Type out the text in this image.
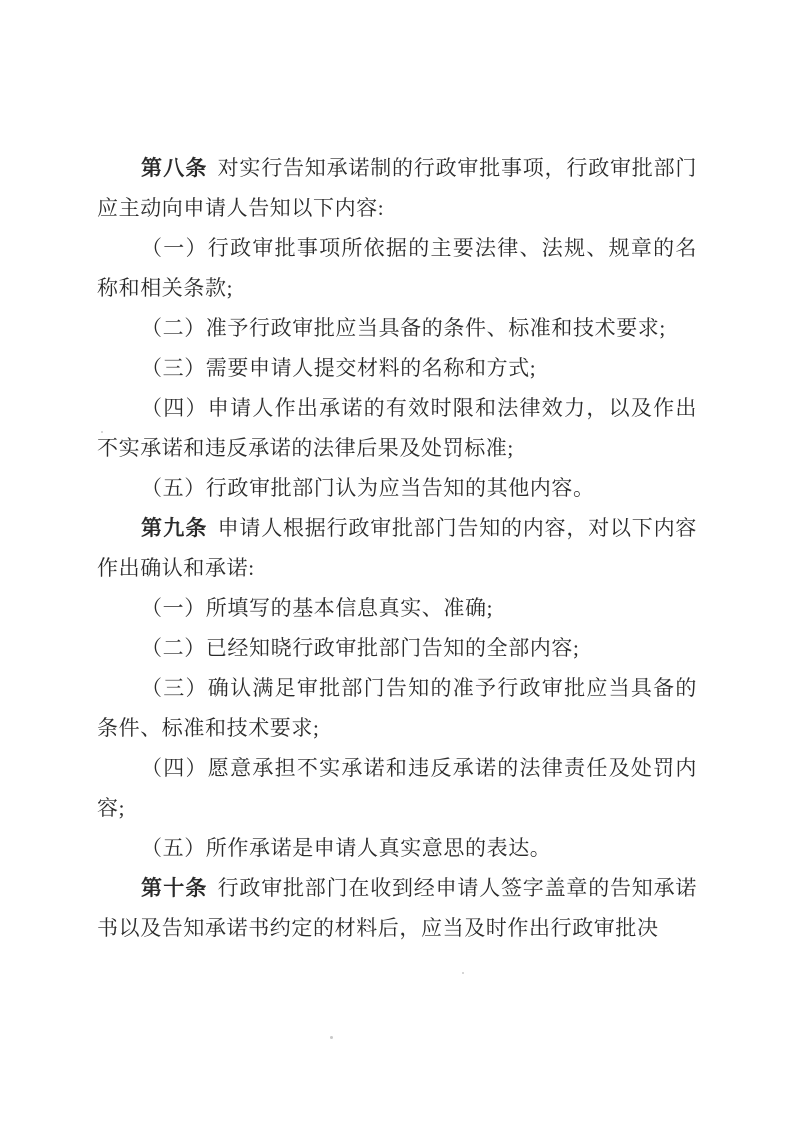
第八条 对实行告知承诺制的行政审批事项，行政审批部门应主动向申请人告知以下内容:

（一）行政审批事项所依据的主要法律、法规、规章的名称和相关条款;

（二）准予行政审批应当具备的条件、标准和技术要求;

（三）需要申请人提交材料的名称和方式;

（四）申请人作出承诺的有效时限和法律效力，以及作出不实承诺和违反承诺的法律后果及处罚标准;

（五）行政审批部门认为应当告知的其他内容。

第九条 申请人根据行政审批部门告知的内容，对以下内容作出确认和承诺:

（一）所填写的基本信息真实、准确;

（二）已经知晓行政审批部门告知的全部内容;

（三）确认满足审批部门告知的准予行政审批应当具备的条件、标准和技术要求;

（四）愿意承担不实承诺和违反承诺的法律责任及处罚内容;

（五）所作承诺是申请人真实意思的表达。

第十条 行政审批部门在收到经申请人签字盖章的告知承诺书以及告知承诺书约定的材料后，应当及时作出行政审批决
